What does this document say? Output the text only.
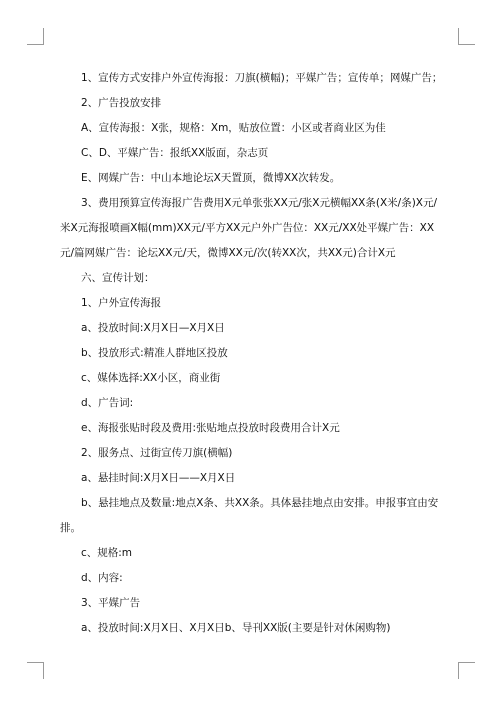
1、宣传方式安排户外宣传海报：刀旗(横幅)；平媒广告；宣传单；网媒广告；

2、广告投放安排

A、宣传海报：X张，规格：Xm，贴放位置：小区或者商业区为佳

C、D、平媒广告：报纸XX版面，杂志页

E、网媒广告：中山本地论坛X天置顶，微博XX次转发。

3、费用预算宣传海报广告费用X元单张张XX元/张X元横幅XX条(X米/条)X元/米X元海报喷画X幅(mm)XX元/平方XX元户外广告位：XX元/XX处平媒广告：XX元/篇网媒广告：论坛XX元/天，微博XX元/次(转XX次，共XX元)合计X元

六、宣传计划：

1、户外宣传海报

a、投放时间:X月X日—X月X日

b、投放形式:精准人群地区投放

c、媒体选择:XX小区，商业街

d、广告词:

e、海报张贴时段及费用:张贴地点投放时段费用合计X元

2、服务点、过街宣传刀旗(横幅)

a、悬挂时间:X月X日——X月X日

b、悬挂地点及数量:地点X条、共XX条。具体悬挂地点由安排。申报事宜由安排。

c、规格:m

d、内容:

3、平媒广告

a、投放时间:X月X日、X月X日b、导刊XX版(主要是针对休闲购物)
